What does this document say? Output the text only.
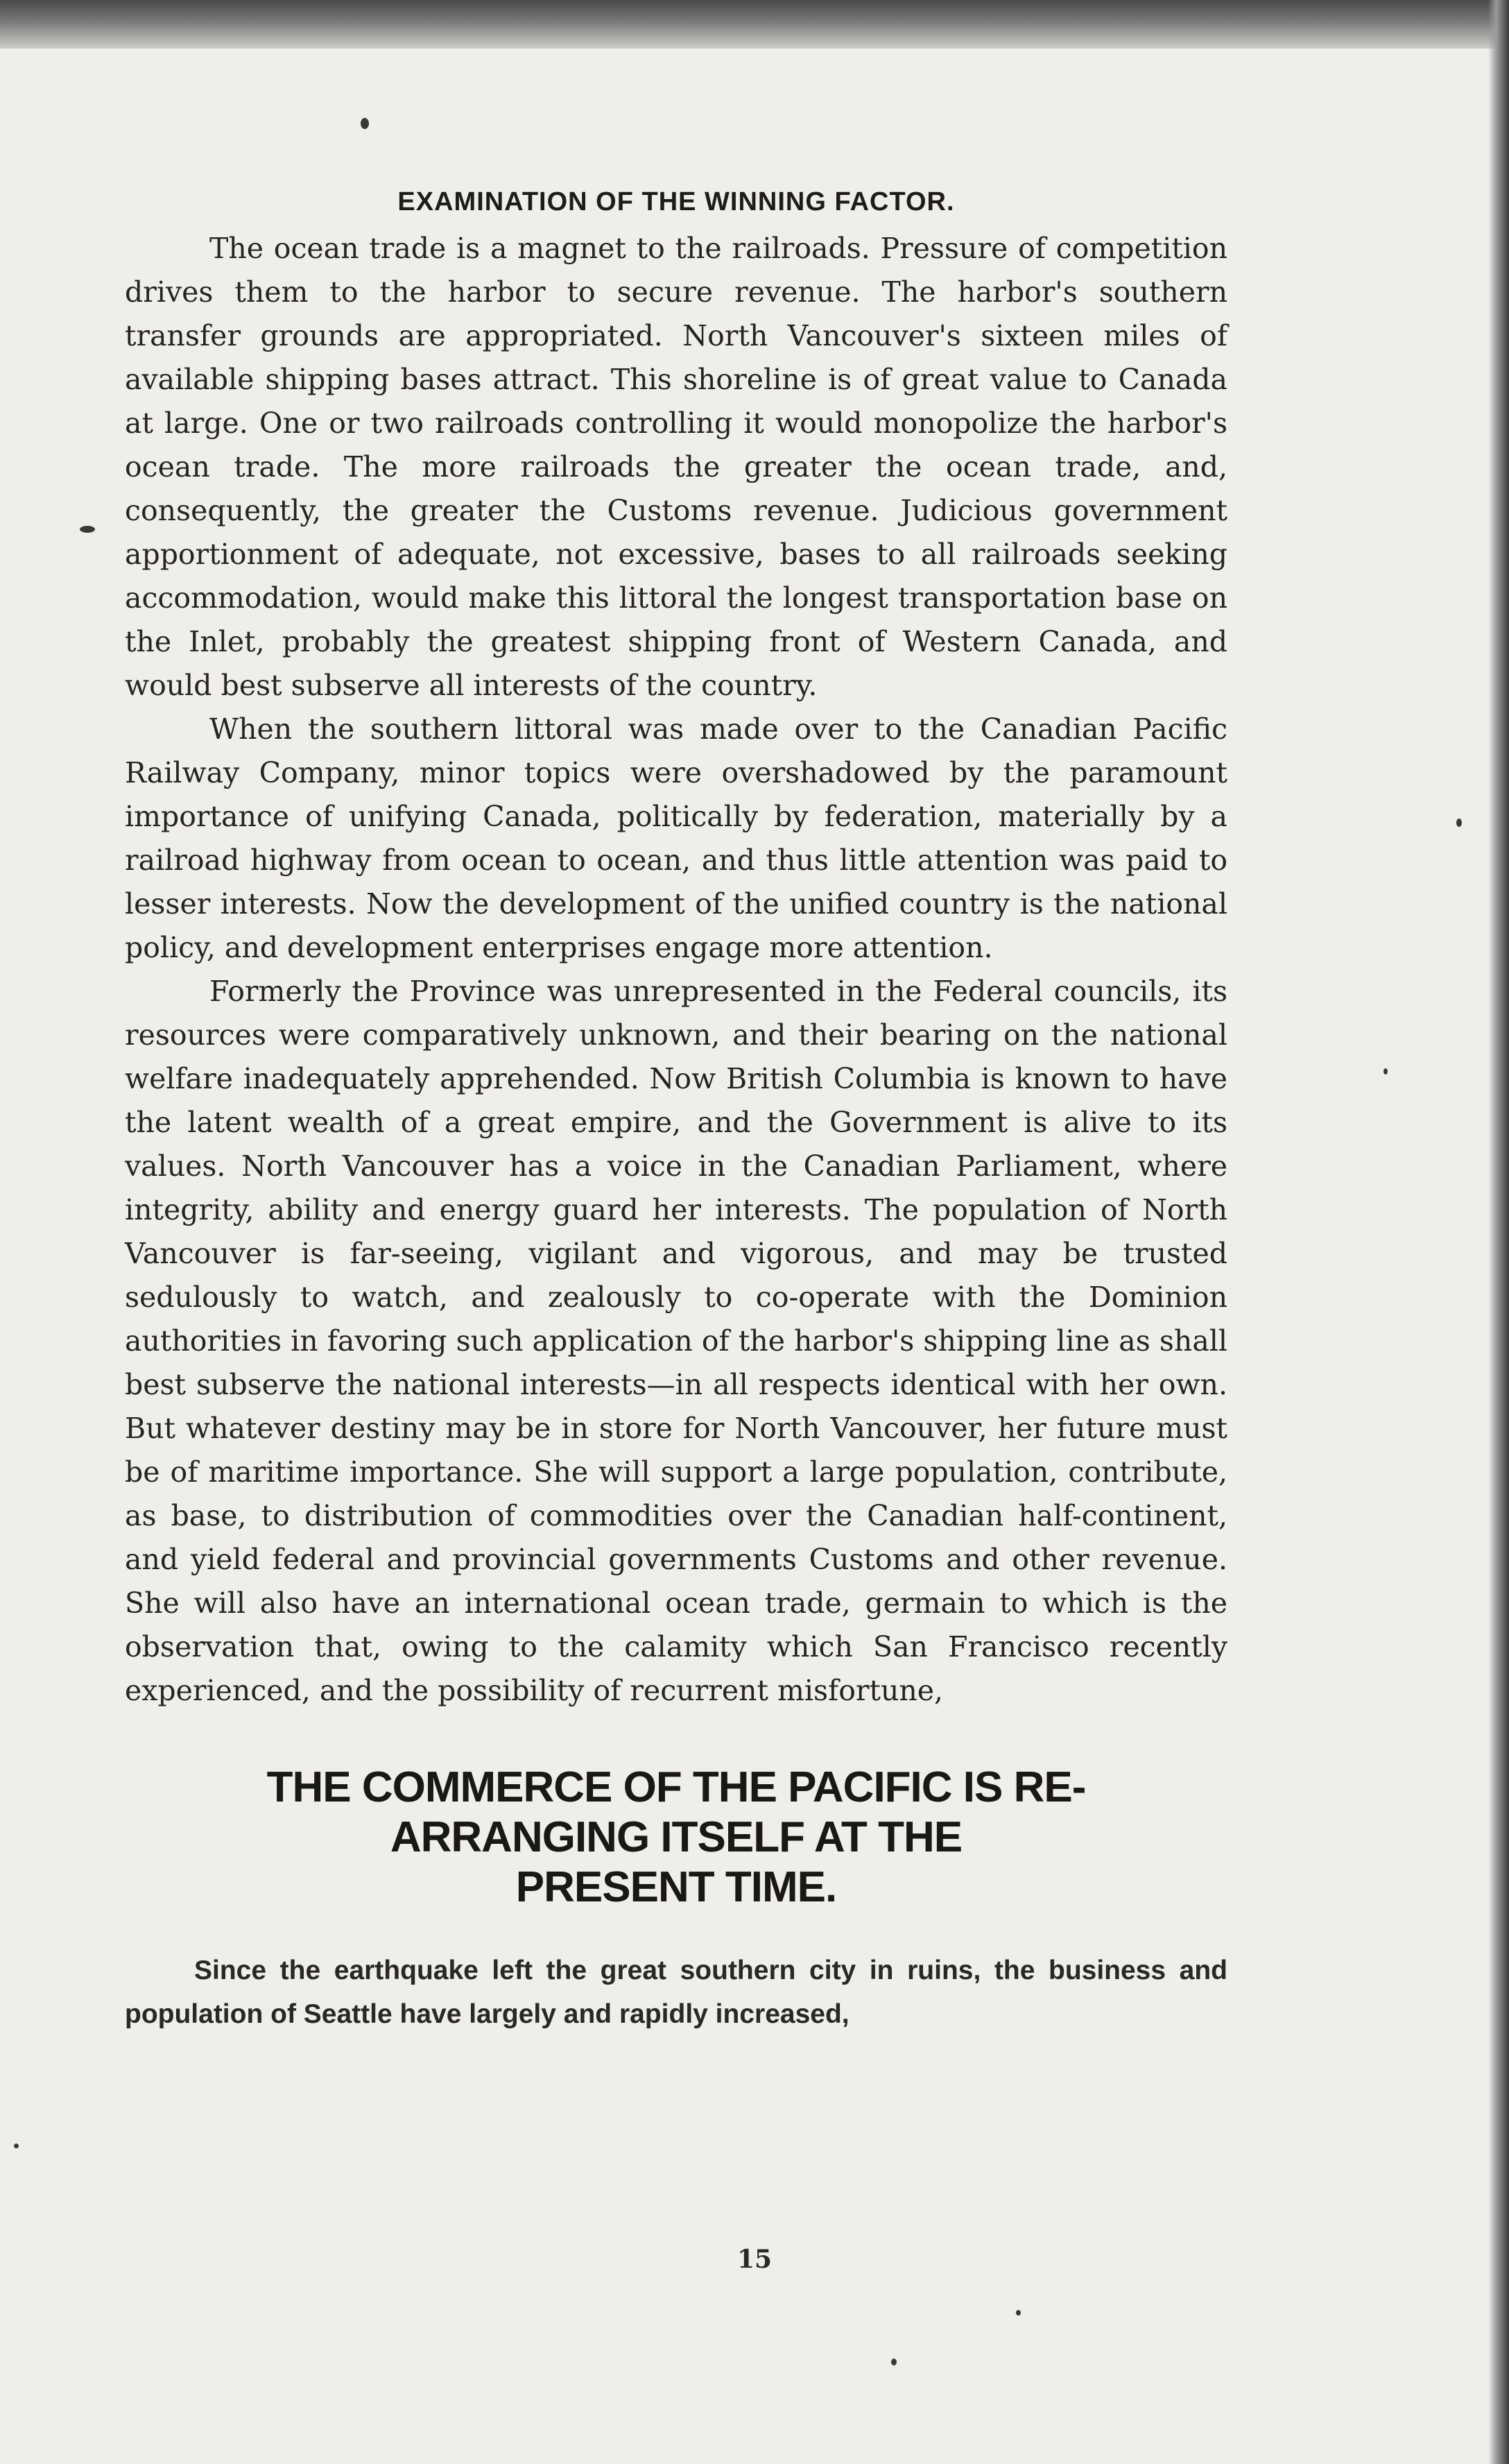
EXAMINATION OF THE WINNING FACTOR.

The ocean trade is a magnet to the railroads. Pressure of competition drives them to the harbor to secure revenue. The harbor's southern transfer grounds are appropriated. North Vancouver's sixteen miles of available shipping bases attract. This shoreline is of great value to Canada at large. One or two railroads controlling it would monopolize the harbor's ocean trade. The more railroads the greater the ocean trade, and, consequently, the greater the Customs revenue. Judicious government apportionment of adequate, not excessive, bases to all railroads seeking accommodation, would make this littoral the longest transportation base on the Inlet, probably the greatest shipping front of Western Canada, and would best subserve all interests of the country.

When the southern littoral was made over to the Canadian Pacific Railway Company, minor topics were overshadowed by the paramount importance of unifying Canada, politically by federation, materially by a railroad highway from ocean to ocean, and thus little attention was paid to lesser interests. Now the development of the unified country is the national policy, and development enterprises engage more attention.

Formerly the Province was unrepresented in the Federal councils, its resources were comparatively unknown, and their bearing on the national welfare inadequately apprehended. Now British Columbia is known to have the latent wealth of a great empire, and the Government is alive to its values. North Vancouver has a voice in the Canadian Parliament, where integrity, ability and energy guard her interests. The population of North Vancouver is far-seeing, vigilant and vigorous, and may be trusted sedulously to watch, and zealously to co-operate with the Dominion authorities in favoring such application of the harbor's shipping line as shall best subserve the national interests—in all respects identical with her own. But whatever destiny may be in store for North Vancouver, her future must be of maritime importance. She will support a large population, contribute, as base, to distribution of commodities over the Canadian half-continent, and yield federal and provincial governments Customs and other revenue. She will also have an international ocean trade, germain to which is the observation that, owing to the calamity which San Francisco recently experienced, and the possibility of recurrent misfortune,

THE COMMERCE OF THE PACIFIC IS RE-
ARRANGING ITSELF AT THE
PRESENT TIME.

Since the earthquake left the great southern city in ruins, the business and population of Seattle have largely and rapidly increased,

15
